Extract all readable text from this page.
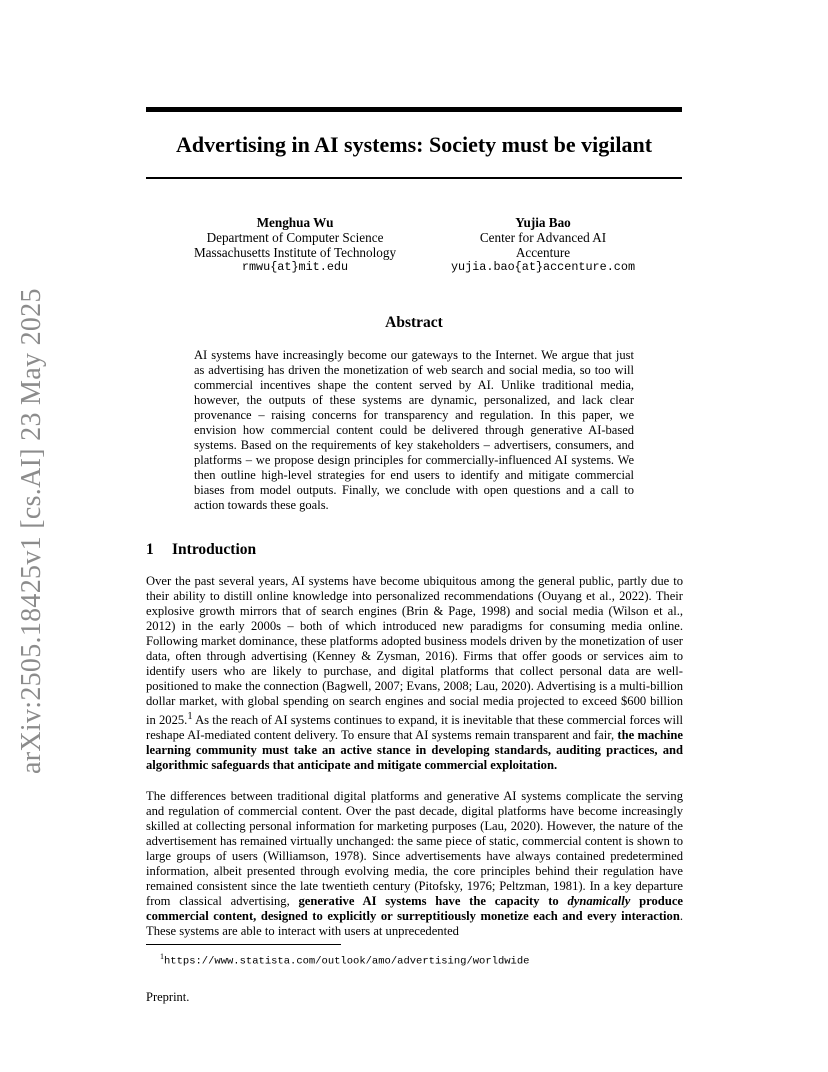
arXiv:2505.18425v1 [cs.AI] 23 May 2025
Advertising in AI systems: Society must be vigilant
Menghua Wu
Department of Computer Science
Massachusetts Institute of Technology
rmwu{at}mit.edu
Yujia Bao
Center for Advanced AI
Accenture
yujia.bao{at}accenture.com
Abstract
AI systems have increasingly become our gateways to the Internet. We argue that just as advertising has driven the monetization of web search and social media, so too will commercial incentives shape the content served by AI. Unlike traditional media, however, the outputs of these systems are dynamic, personalized, and lack clear provenance – raising concerns for transparency and regulation. In this paper, we envision how commercial content could be delivered through generative AI-based systems. Based on the requirements of key stakeholders – advertisers, consumers, and platforms – we propose design principles for commercially-influenced AI systems. We then outline high-level strategies for end users to identify and mitigate commercial biases from model outputs. Finally, we conclude with open questions and a call to action towards these goals.
1 Introduction
Over the past several years, AI systems have become ubiquitous among the general public, partly due to their ability to distill online knowledge into personalized recommendations (Ouyang et al., 2022). Their explosive growth mirrors that of search engines (Brin & Page, 1998) and social media (Wilson et al., 2012) in the early 2000s – both of which introduced new paradigms for consuming media online. Following market dominance, these platforms adopted business models driven by the monetization of user data, often through advertising (Kenney & Zysman, 2016). Firms that offer goods or services aim to identify users who are likely to purchase, and digital platforms that collect personal data are well-positioned to make the connection (Bagwell, 2007; Evans, 2008; Lau, 2020). Advertising is a multi-billion dollar market, with global spending on search engines and social media projected to exceed $600 billion in 2025.$^1$ As the reach of AI systems continues to expand, it is inevitable that these commercial forces will reshape AI-mediated content delivery. To ensure that AI systems remain transparent and fair, the machine learning community must take an active stance in developing standards, auditing practices, and algorithmic safeguards that anticipate and mitigate commercial exploitation.
The differences between traditional digital platforms and generative AI systems complicate the serving and regulation of commercial content. Over the past decade, digital platforms have become increasingly skilled at collecting personal information for marketing purposes (Lau, 2020). However, the nature of the advertisement has remained virtually unchanged: the same piece of static, commercial content is shown to large groups of users (Williamson, 1978). Since advertisements have always contained predetermined information, albeit presented through evolving media, the core principles behind their regulation have remained consistent since the late twentieth century (Pitofsky, 1976; Peltzman, 1981). In a key departure from classical advertising, generative AI systems have the capacity to dynamically produce commercial content, designed to explicitly or surreptitiously monetize each and every interaction. These systems are able to interact with users at unprecedented
$^1$https://www.statista.com/outlook/amo/advertising/worldwide
Preprint.
